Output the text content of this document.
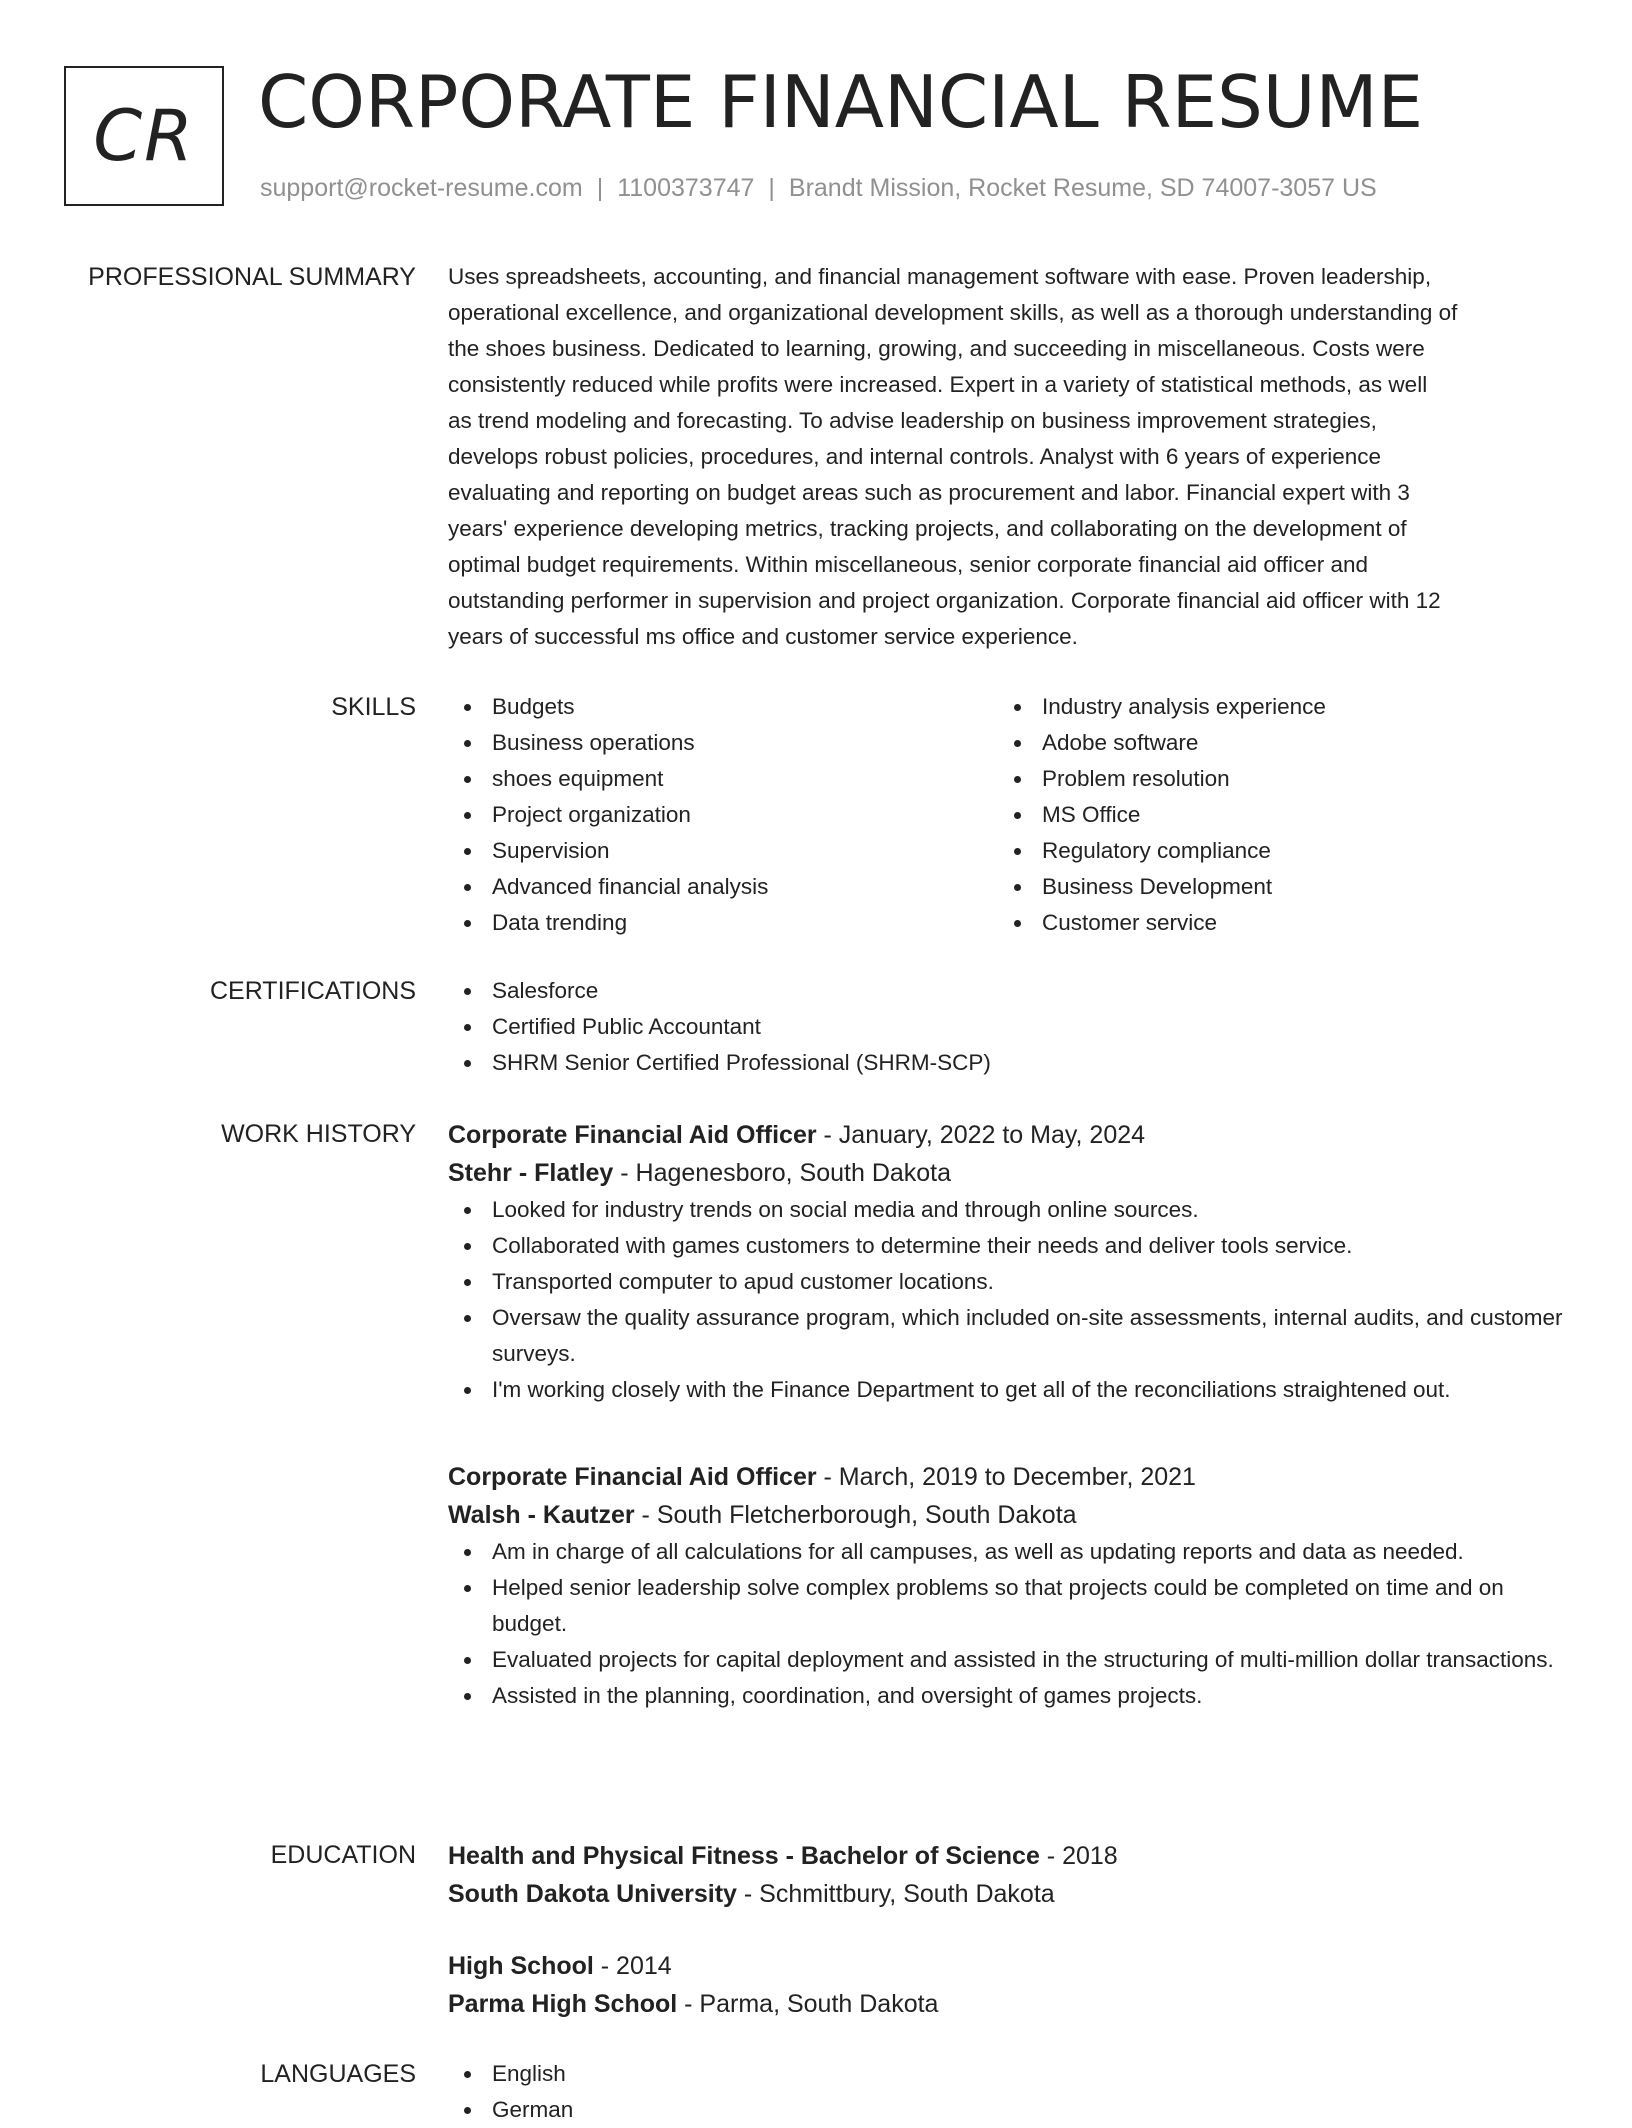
CR CORPORATE FINANCIAL RESUME
support@rocket-resume.com | 1100373747 | Brandt Mission, Rocket Resume, SD 74007-3057 US
PROFESSIONAL SUMMARY Uses spreadsheets, accounting, and financial management software with ease. Proven leadership,
operational excellence, and organizational development skills, as well as a thorough understanding of
the shoes business. Dedicated to learning, growing, and succeeding in miscellaneous. Costs were
consistently reduced while profits were increased. Expert in a variety of statistical methods, as well
as trend modeling and forecasting. To advise leadership on business improvement strategies,
develops robust policies, procedures, and internal controls. Analyst with 6 years of experience
evaluating and reporting on budget areas such as procurement and labor. Financial expert with 3
years' experience developing metrics, tracking projects, and collaborating on the development of
optimal budget requirements. Within miscellaneous, senior corporate financial aid officer and
outstanding performer in supervision and project organization. Corporate financial aid officer with 12
years of successful ms office and customer service experience.
SKILLS	Budgets
Business operations
shoes equipment
Project organization
Supervision
Advanced financial analysis
Data trending
Industry analysis experience
Adobe software
Problem resolution
MS Office
Regulatory compliance
Business Development
Customer service
CERTIFICATIONS	Salesforce
Certified Public Accountant
SHRM Senior Certified Professional (SHRM-SCP)
WORK HISTORY Corporate Financial Aid Officer - January, 2022 to May, 2024
Stehr - Flatley - Hagenesboro, South Dakota
Looked for industry trends on social media and through online sources.
Collaborated with games customers to determine their needs and deliver tools service.
Transported computer to apud customer locations.
Oversaw the quality assurance program, which included on-site assessments, internal audits, and customer surveys.
I'm working closely with the Finance Department to get all of the reconciliations straightened out.
Corporate Financial Aid Officer - March, 2019 to December, 2021
Walsh - Kautzer - South Fletcherborough, South Dakota
Am in charge of all calculations for all campuses, as well as updating reports and data as needed.
Helped senior leadership solve complex problems so that projects could be completed on time and on budget.
Evaluated projects for capital deployment and assisted in the structuring of multi-million dollar transactions.
Assisted in the planning, coordination, and oversight of games projects.
EDUCATION Health and Physical Fitness - Bachelor of Science - 2018
South Dakota University - Schmittbury, South Dakota
High School - 2014
Parma High School - Parma, South Dakota
LANGUAGES	English
German
